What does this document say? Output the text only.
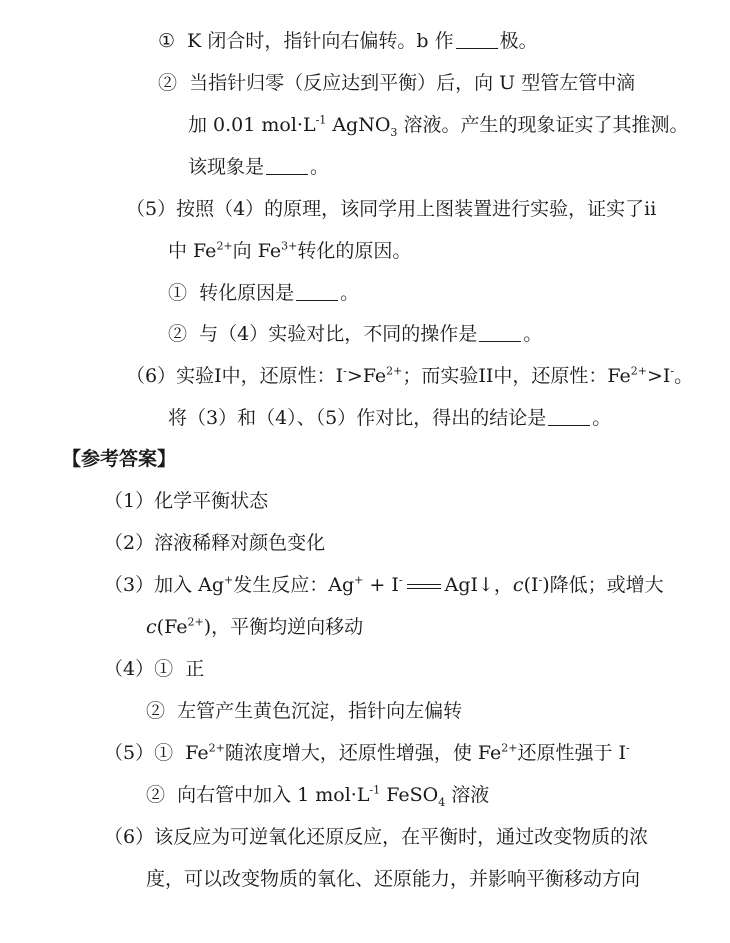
① K 闭合时，指针向右偏转。b 作 极。
② 当指针归零（反应达到平衡）后，向 U 型管左管中滴
加 0.01 $mol\cdot L^{-1}$ AgNO$_3$ 溶液。产生的现象证实了其推测。
该现象是 。
（5）按照（4）的原理，该同学用上图装置进行实验，证实了ii
中 $Fe^{2+}$向 $Fe^{3+}$转化的原因。
① 转化原因是 。
② 与（4）实验对比，不同的操作是 。
（6）实验I中，还原性：$I^->Fe^{2+}$；而实验II中，还原性：$Fe^{2+}>I^-$。
将（3）和（4）、（5）作对比，得出的结论是 。
【参考答案】
（1）化学平衡状态
（2）溶液稀释对颜色变化
（3）加入 Ag+发生反应：Ag+ + I- AgI↓，c(I-)降低；或增大
$c(Fe^{2+})$，平衡均逆向移动
（4）① 正
② 左管产生黄色沉淀，指针向左偏转
（5）① $Fe^{2+}$随浓度增大，还原性增强，使 $Fe^{2+}$还原性强于 I-
② 向右管中加入 1 $mol\cdot L^{-1}$ FeSO$_4$ 溶液
（6）该反应为可逆氧化还原反应，在平衡时，通过改变物质的浓
度，可以改变物质的氧化、还原能力，并影响平衡移动方向
